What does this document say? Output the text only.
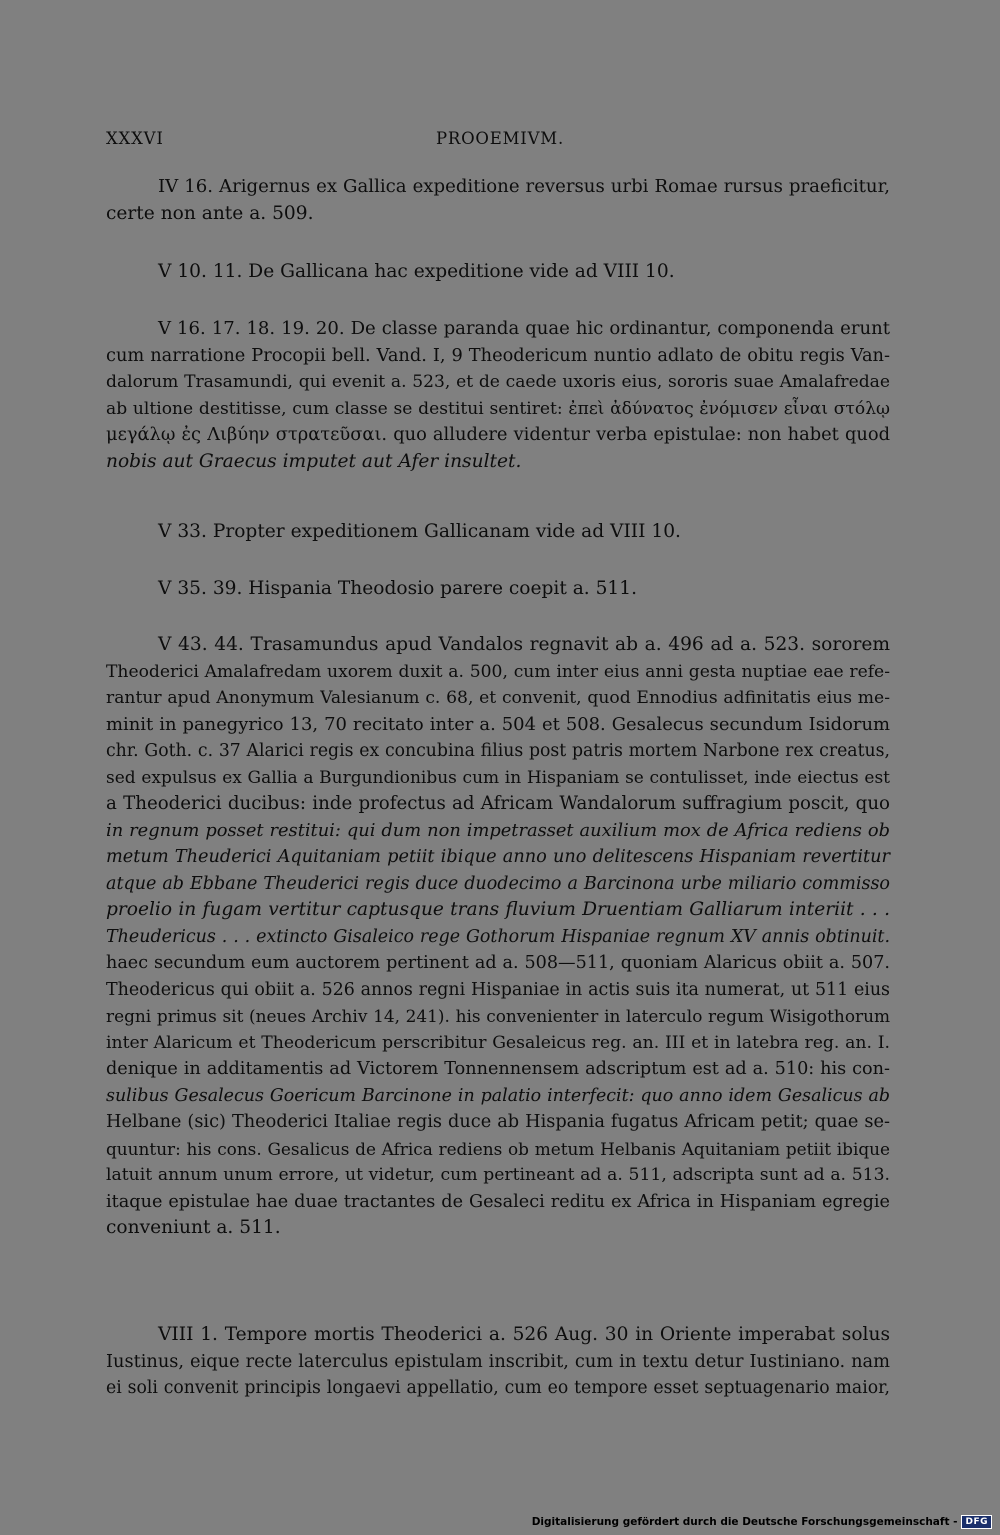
XXXVI	PROOEMIVM.
IV 16. Arigernus ex Gallica expeditione reversus urbi Romae rursus praeficitur,
certe non ante a. 509.
V 10. 11. De Gallicana hac expeditione vide ad VIII 10.
V 16. 17. 18. 19. 20. De classe paranda quae hic ordinantur, componenda erunt
cum narratione Procopii bell. Vand. I, 9 Theodericum nuntio adlato de obitu regis Van-
dalorum Trasamundi, qui evenit a. 523, et de caede uxoris eius, sororis suae Amalafredae
ab ultione destitisse, cum classe se destitui sentiret: ἐπεὶ ἀδύνατος ἐνόμισεν εἶναι στόλῳ
μεγάλῳ ἐς Λιβύην στρατεῦσαι. quo alludere videntur verba epistulae: non habet quod
nobis aut Graecus imputet aut Afer insultet.
V 33. Propter expeditionem Gallicanam vide ad VIII 10.
V 35. 39. Hispania Theodosio parere coepit a. 511.
V 43. 44. Trasamundus apud Vandalos regnavit ab a. 496 ad a. 523. sororem
Theoderici Amalafredam uxorem duxit a. 500, cum inter eius anni gesta nuptiae eae refe-
rantur apud Anonymum Valesianum c. 68, et convenit, quod Ennodius adfinitatis eius me-
minit in panegyrico 13, 70 recitato inter a. 504 et 508. Gesalecus secundum Isidorum
chr. Goth. c. 37 Alarici regis ex concubina filius post patris mortem Narbone rex creatus,
sed expulsus ex Gallia a Burgundionibus cum in Hispaniam se contulisset, inde eiectus est
a Theoderici ducibus: inde profectus ad Africam Wandalorum suffragium poscit, quo
in regnum posset restitui: qui dum non impetrasset auxilium mox de Africa rediens ob
metum Theuderici Aquitaniam petiit ibique anno uno delitescens Hispaniam revertitur
atque ab Ebbane Theuderici regis duce duodecimo a Barcinona urbe miliario commisso
proelio in fugam vertitur captusque trans fluvium Druentiam Galliarum interiit . . .
Theudericus . . . extincto Gisaleico rege Gothorum Hispaniae regnum XV annis obtinuit.
haec secundum eum auctorem pertinent ad a. 508—511, quoniam Alaricus obiit a. 507.
Theodericus qui obiit a. 526 annos regni Hispaniae in actis suis ita numerat, ut 511 eius
regni primus sit (neues Archiv 14, 241). his convenienter in laterculo regum Wisigothorum
inter Alaricum et Theodericum perscribitur Gesaleicus reg. an. III et in latebra reg. an. I.
denique in additamentis ad Victorem Tonnennensem adscriptum est ad a. 510: his con-
sulibus Gesalecus Goericum Barcinone in palatio interfecit: quo anno idem Gesalicus ab
Helbane (sic) Theoderici Italiae regis duce ab Hispania fugatus Africam petit; quae se-
quuntur: his cons. Gesalicus de Africa rediens ob metum Helbanis Aquitaniam petiit ibique
latuit annum unum errore, ut videtur, cum pertineant ad a. 511, adscripta sunt ad a. 513.
itaque epistulae hae duae tractantes de Gesaleci reditu ex Africa in Hispaniam egregie
conveniunt a. 511.
VIII 1. Tempore mortis Theoderici a. 526 Aug. 30 in Oriente imperabat solus
Iustinus, eique recte laterculus epistulam inscribit, cum in textu detur Iustiniano. nam
ei soli convenit principis longaevi appellatio, cum eo tempore esset septuagenario maior,
Digitalisierung gefördert durch die Deutsche Forschungsgemeinschaft - DFG
